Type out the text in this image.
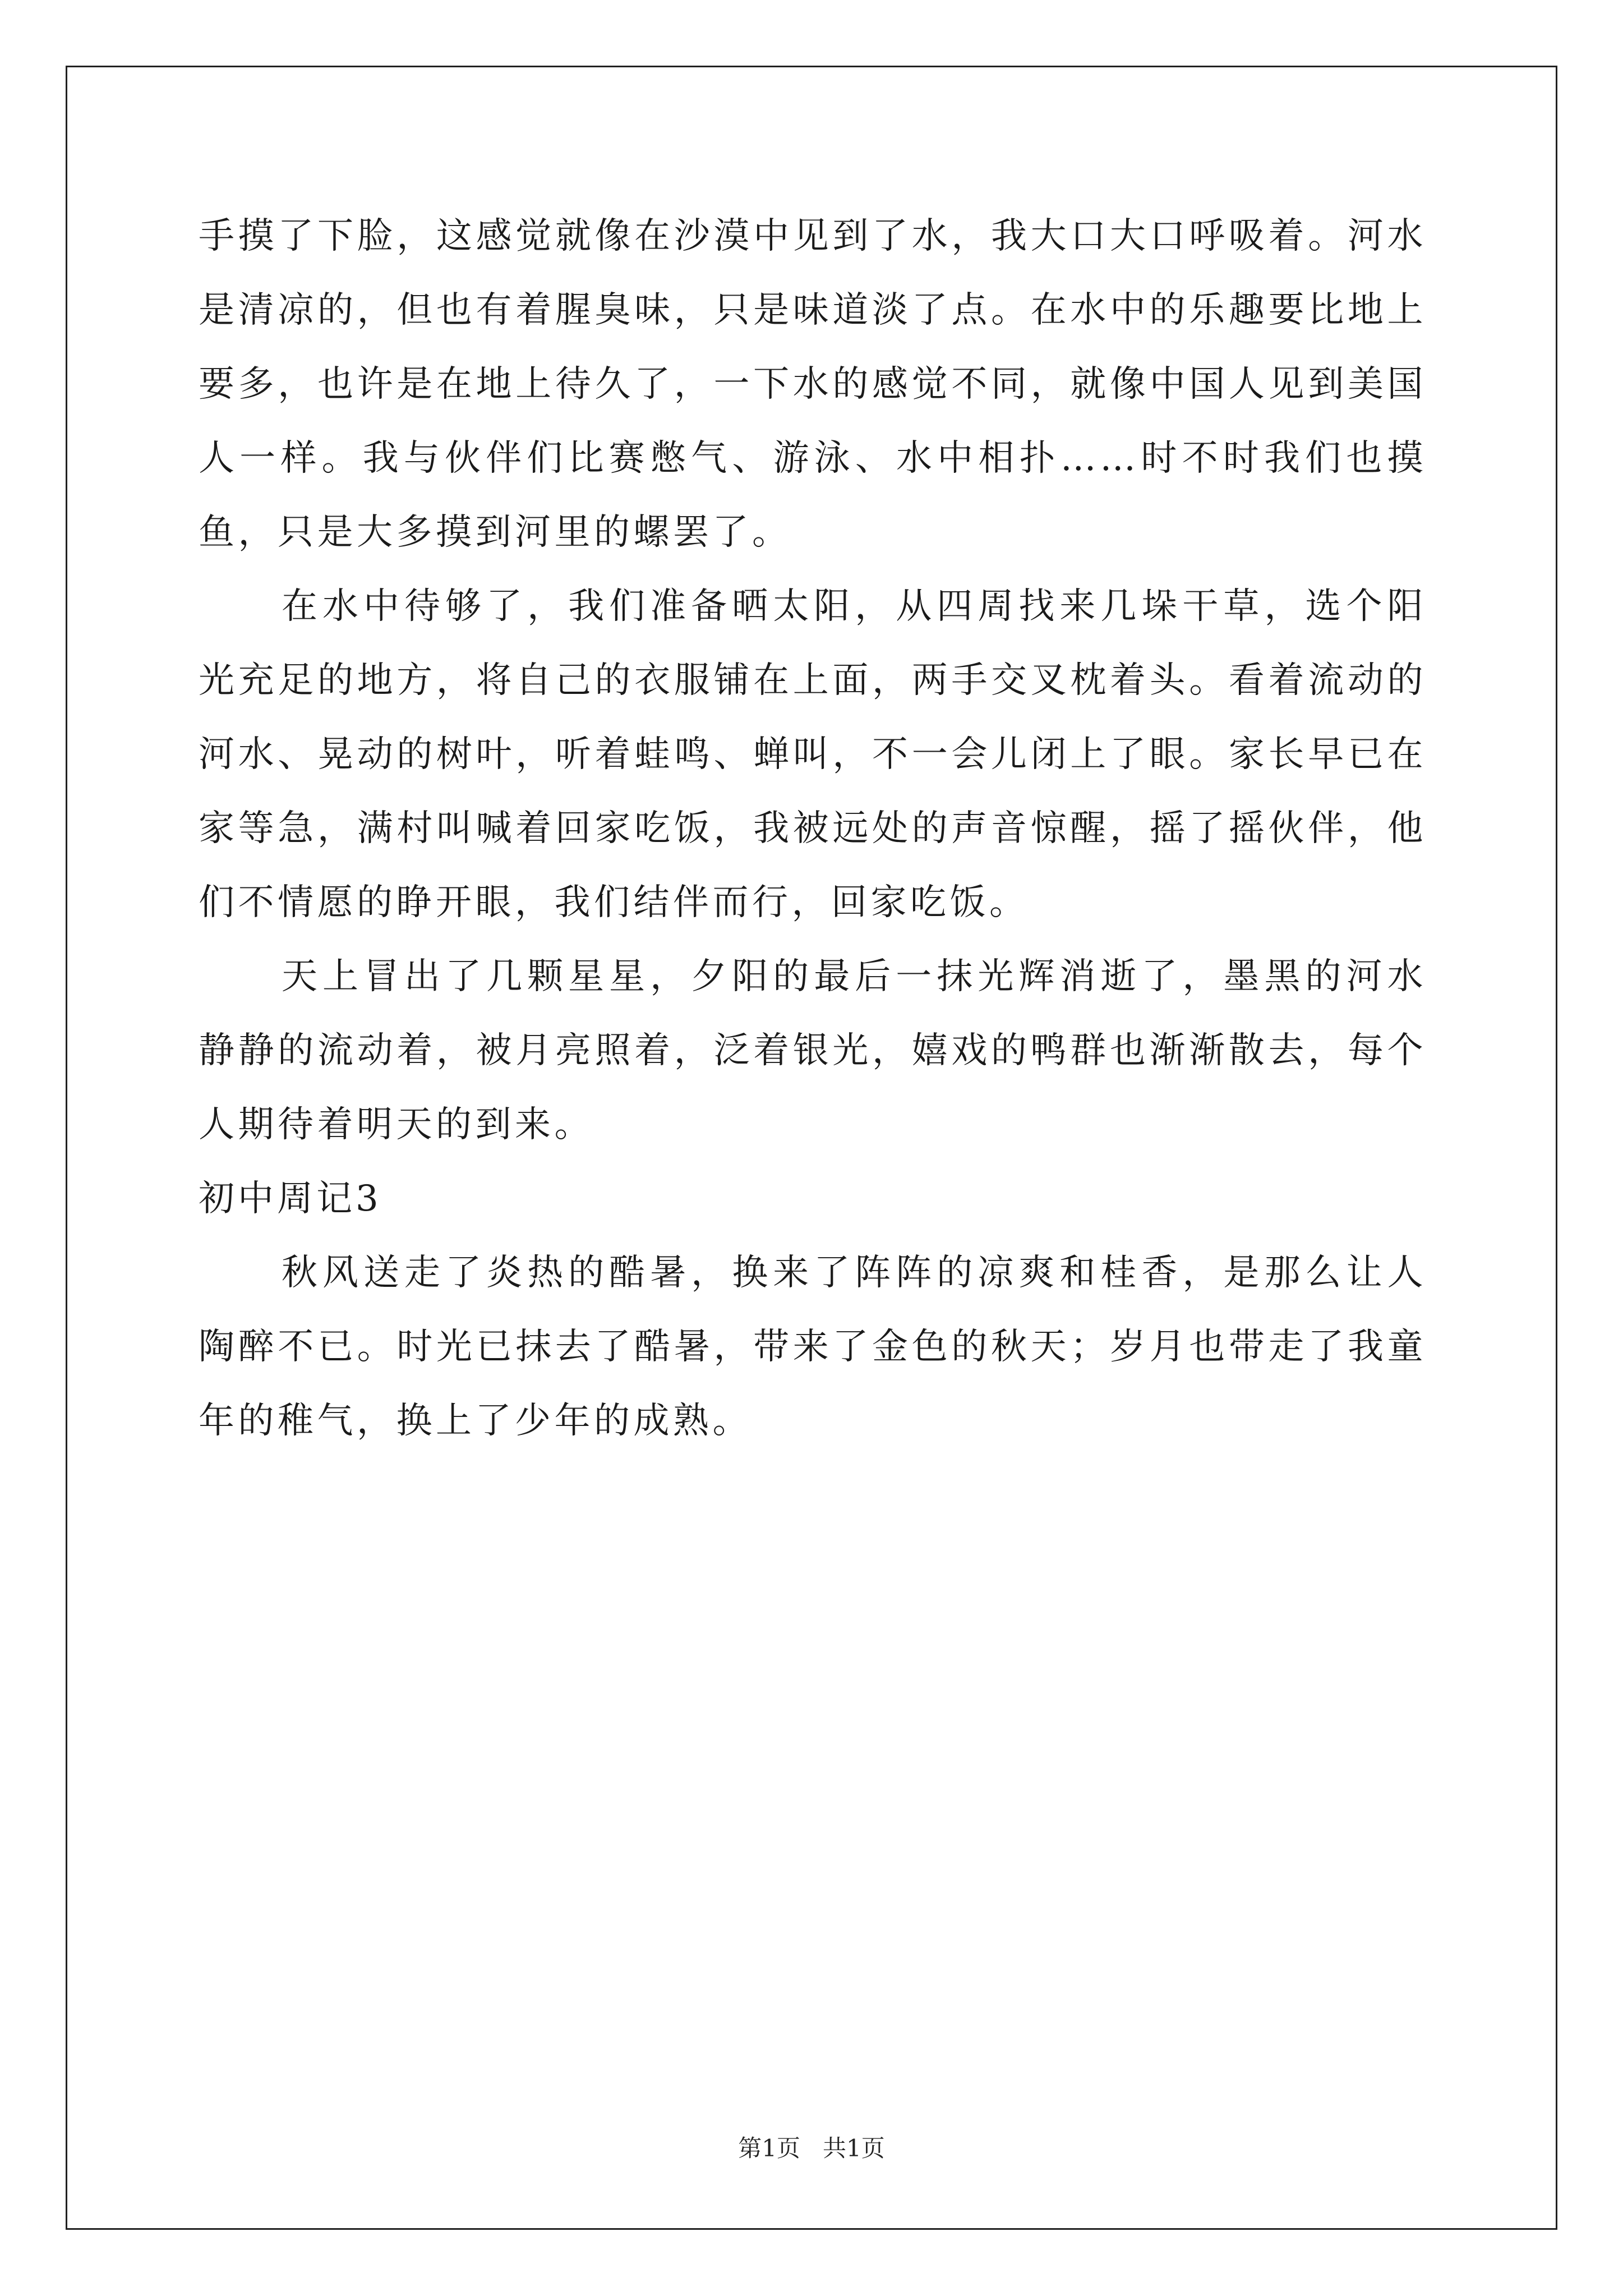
手摸了下脸，这感觉就像在沙漠中见到了水，我大口大口呼吸着。河水是清凉的，但也有着腥臭味，只是味道淡了点。在水中的乐趣要比地上要多，也许是在地上待久了，一下水的感觉不同，就像中国人见到美国人一样。我与伙伴们比赛憋气、游泳、水中相扑……时不时我们也摸鱼，只是大多摸到河里的螺罢了。

在水中待够了，我们准备晒太阳，从四周找来几垛干草，选个阳光充足的地方，将自己的衣服铺在上面，两手交叉枕着头。看着流动的河水、晃动的树叶，听着蛙鸣、蝉叫，不一会儿闭上了眼。家长早已在家等急，满村叫喊着回家吃饭，我被远处的声音惊醒，摇了摇伙伴，他们不情愿的睁开眼，我们结伴而行，回家吃饭。

天上冒出了几颗星星，夕阳的最后一抹光辉消逝了，墨黑的河水静静的流动着，被月亮照着，泛着银光，嬉戏的鸭群也渐渐散去，每个人期待着明天的到来。

初中周记3

秋风送走了炎热的酷暑，换来了阵阵的凉爽和桂香，是那么让人陶醉不已。时光已抹去了酷暑，带来了金色的秋天；岁月也带走了我童年的稚气，换上了少年的成熟。

第1页 共1页
